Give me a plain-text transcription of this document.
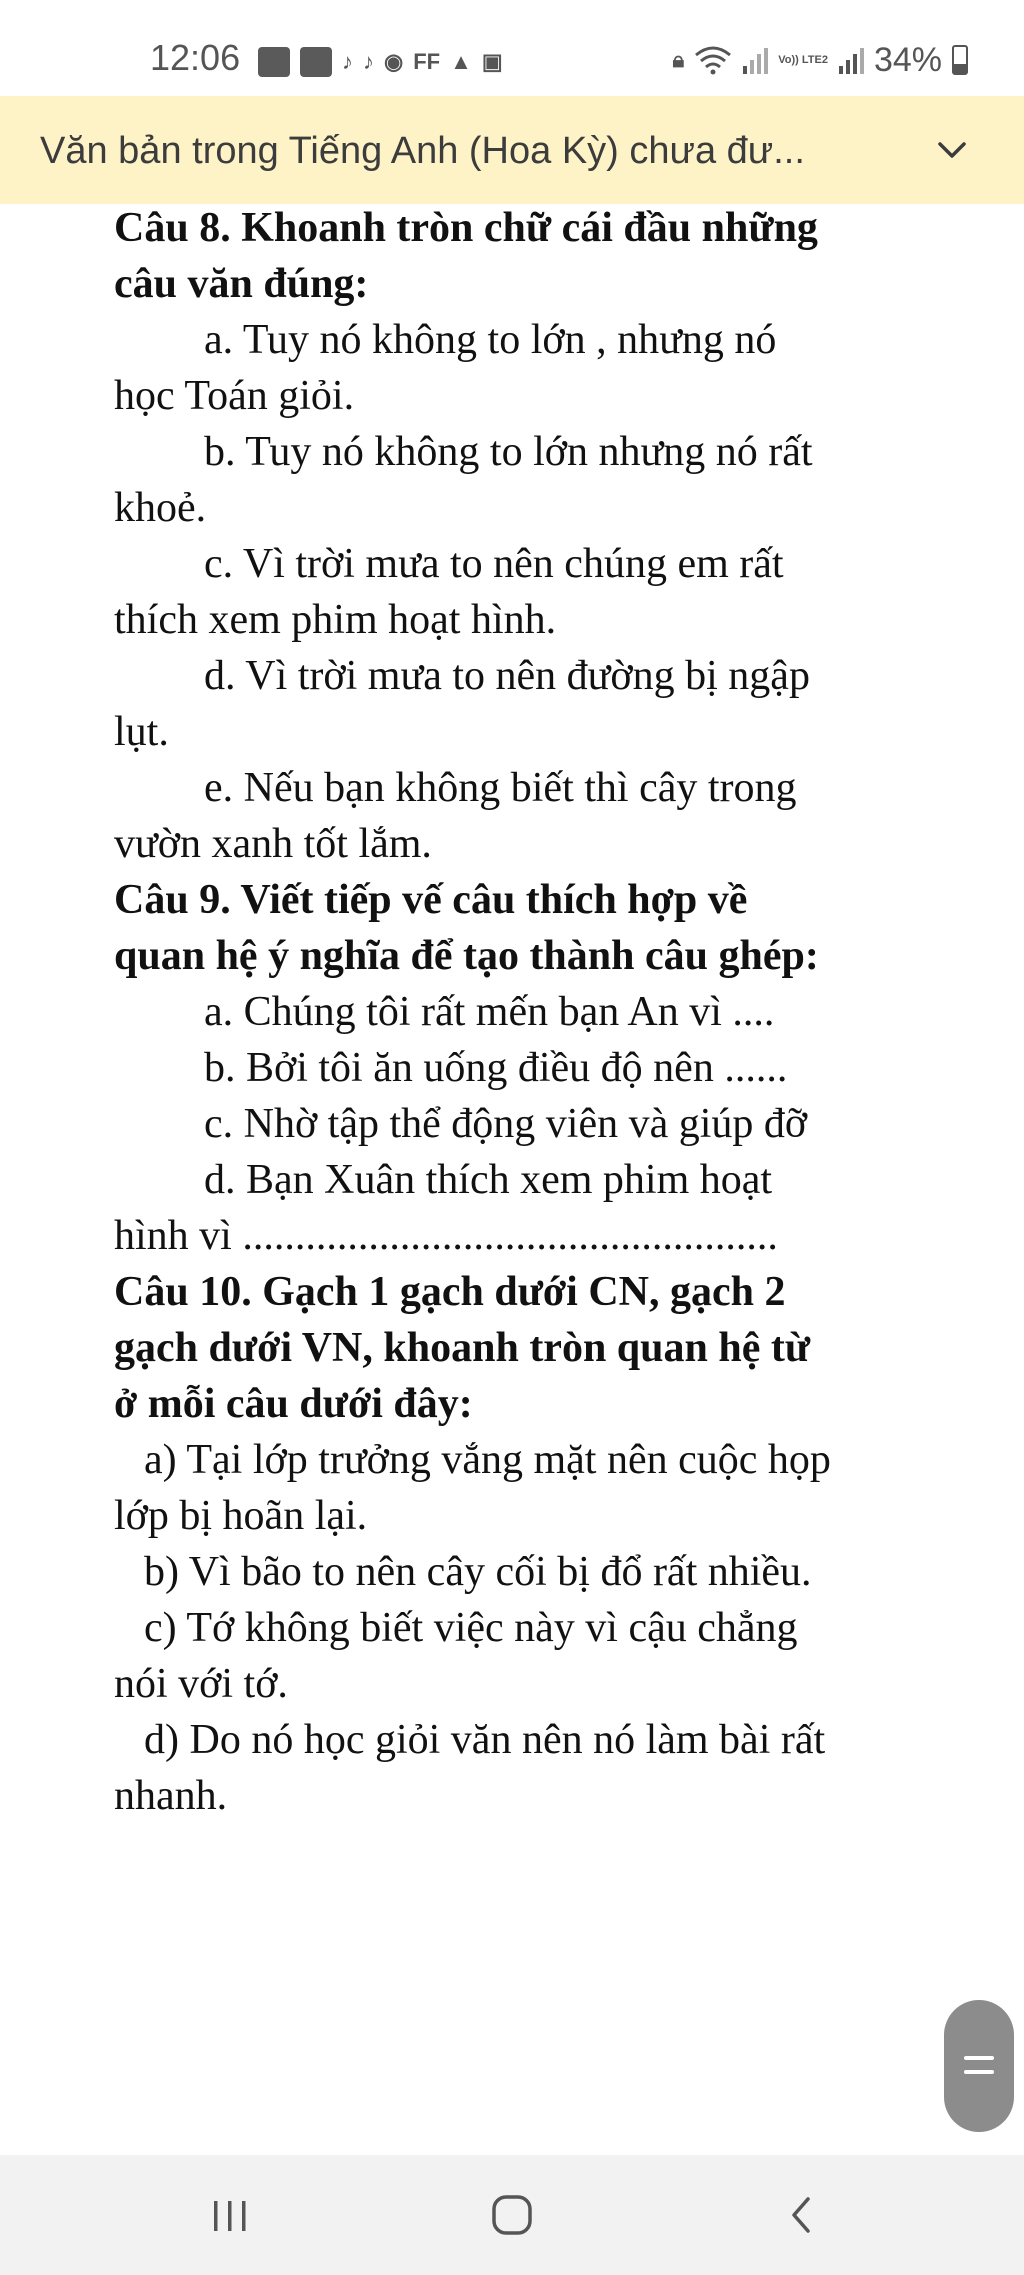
12:06	♪ ♪ ◉ FF ▲ ▣	🔒︎	Vo)) LTE2 34%
Văn bản trong Tiếng Anh (Hoa Kỳ) chưa đư...
Câu 8. Khoanh tròn chữ cái đầu những
câu văn đúng:
a. Tuy nó không to lớn , nhưng nó
học Toán giỏi.
b. Tuy nó không to lớn nhưng nó rất
khoẻ.
c. Vì trời mưa to nên chúng em rất
thích xem phim hoạt hình.
d. Vì trời mưa to nên đường bị ngập
lụt.
e. Nếu bạn không biết thì cây trong
vườn xanh tốt lắm.
Câu 9. Viết tiếp vế câu thích hợp về
quan hệ ý nghĩa để tạo thành câu ghép:
a. Chúng tôi rất mến bạn An vì ....
b. Bởi tôi ăn uống điều độ nên ......
c. Nhờ tập thể động viên và giúp đỡ
d. Bạn Xuân thích xem phim hoạt
hình vì ...................................................
Câu 10. Gạch 1 gạch dưới CN, gạch 2
gạch dưới VN, khoanh tròn quan hệ từ
ở mỗi câu dưới đây:
a) Tại lớp trưởng vắng mặt nên cuộc họp
lớp bị hoãn lại.
b) Vì bão to nên cây cối bị đổ rất nhiều.
c) Tớ không biết việc này vì cậu chẳng
nói với tớ.
d) Do nó học giỏi văn nên nó làm bài rất
nhanh.
